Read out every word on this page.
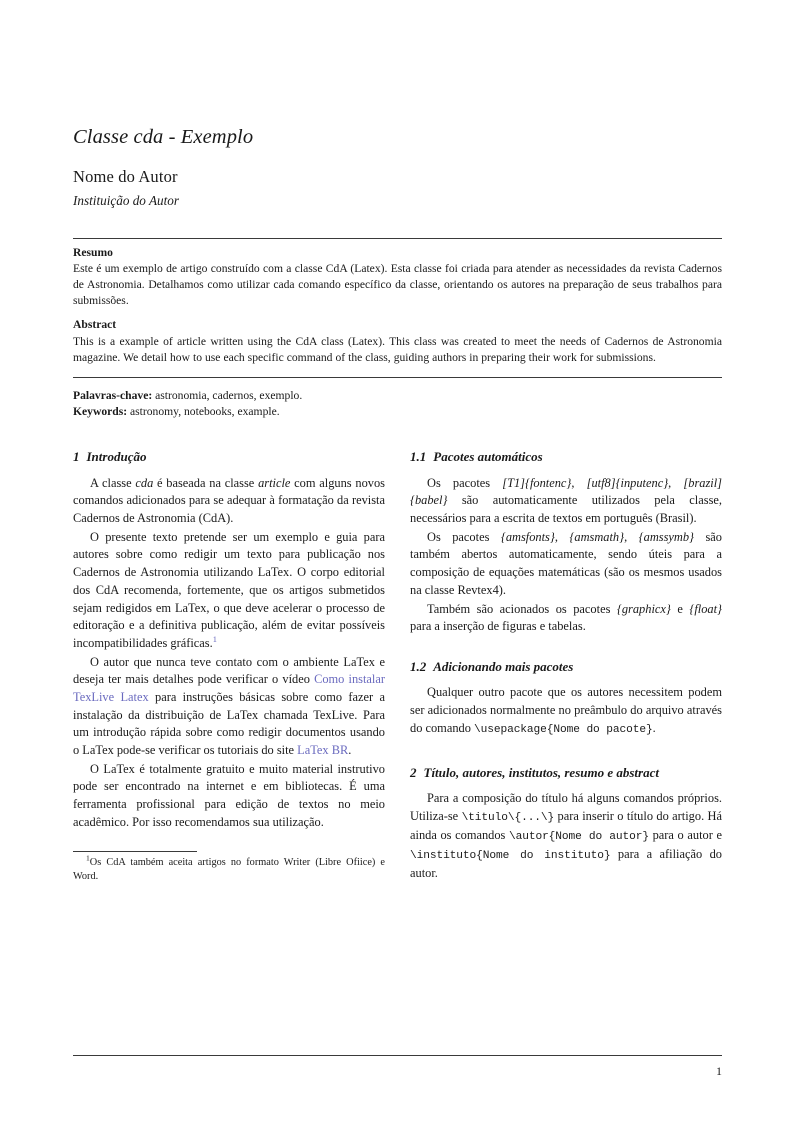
Classe cda - Exemplo
Nome do Autor
Instituição do Autor
Resumo

Este é um exemplo de artigo construído com a classe CdA (Latex). Esta classe foi criada para atender as necessidades da revista Cadernos de Astronomia. Detalhamos como utilizar cada comando específico da classe, orientando os autores na preparação de seus trabalhos para submissões.

Abstract

This is a example of article written using the CdA class (Latex). This class was created to meet the needs of Cadernos de Astronomia magazine. We detail how to use each specific command of the class, guiding authors in preparing their work for submissions.

Palavras-chave: astronomia, cadernos, exemplo.

Keywords: astronomy, notebooks, example.

1 Introdução

A classe cda é baseada na classe article com alguns novos comandos adicionados para se adequar à formatação da revista Cadernos de Astronomia (CdA).

O presente texto pretende ser um exemplo e guia para autores sobre como redigir um texto para publicação nos Cadernos de Astronomia utilizando LaTex. O corpo editorial dos CdA recomenda, fortemente, que os artigos submetidos sejam redigidos em LaTex, o que deve acelerar o processo de editoração e a definitiva publicação, além de evitar possíveis incompatibilidades gráficas.$^1$

O autor que nunca teve contato com o ambiente LaTex e deseja ter mais detalhes pode verificar o vídeo Como instalar TexLive Latex para instruções básicas sobre como fazer a instalação da distribuição de LaTex chamada TexLive. Para um introdução rápida sobre como redigir documentos usando o LaTex pode-se verificar os tutoriais do site LaTex BR.

O LaTex é totalmente gratuito e muito material instrutivo pode ser encontrado na internet e em bibliotecas. É uma ferramenta profissional para edição de textos no meio acadêmico. Por isso recomendamos sua utilização.

$^1$Os CdA também aceita artigos no formato Writer (Libre Ofiice) e Word.

1.1 Pacotes automáticos

Os pacotes [T1]{fontenc}, [utf8]{inputenc}, [brazil]{babel} são automaticamente utilizados pela classe, necessários para a escrita de textos em português (Brasil).

Os pacotes {amsfonts}, {amsmath}, {amssymb} são também abertos automaticamente, sendo úteis para a composição de equações matemáticas (são os mesmos usados na classe Revtex4).

Também são acionados os pacotes {graphicx} e {float} para a inserção de figuras e tabelas.

1.2 Adicionando mais pacotes

Qualquer outro pacote que os autores necessitem podem ser adicionados normalmente no preâmbulo do arquivo através do comando \usepackage{Nome do pacote}.

2 Título, autores, institutos, resumo e abstract

Para a composição do título há alguns comandos próprios. Utiliza-se \titulo\{...\} para inserir o título do artigo. Há ainda os comandos \autor{Nome do autor} para o autor e \instituto{Nome do instituto} para a afiliação do autor.

1
